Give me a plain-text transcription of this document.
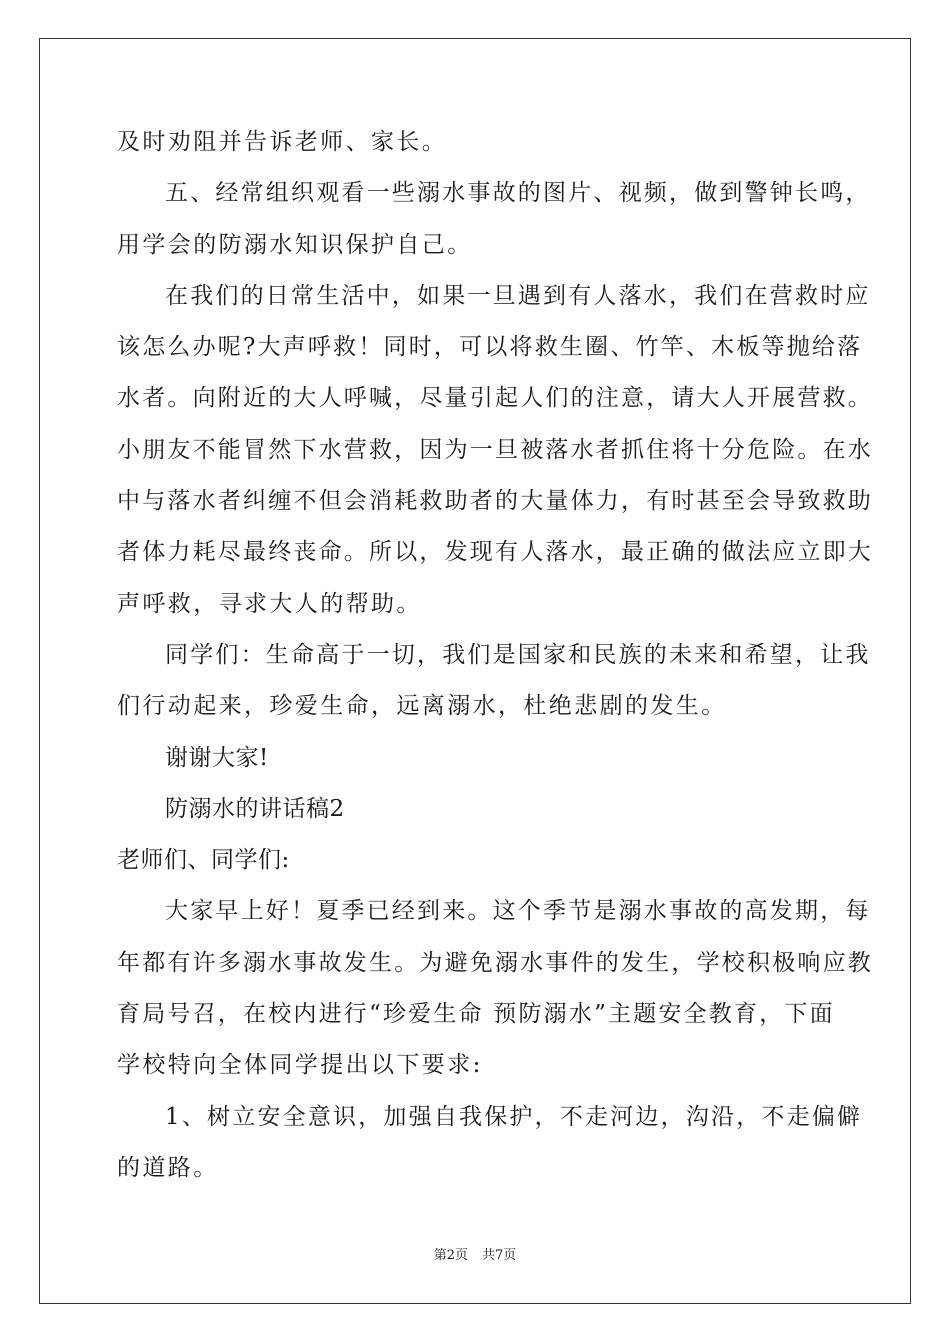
及时劝阻并告诉老师、家长。
五、经常组织观看一些溺水事故的图片、视频，做到警钟长鸣，
用学会的防溺水知识保护自己。
在我们的日常生活中，如果一旦遇到有人落水，我们在营救时应
该怎么办呢?大声呼救！同时，可以将救生圈、竹竿、木板等抛给落
水者。向附近的大人呼喊，尽量引起人们的注意，请大人开展营救。
小朋友不能冒然下水营救，因为一旦被落水者抓住将十分危险。在水
中与落水者纠缠不但会消耗救助者的大量体力，有时甚至会导致救助
者体力耗尽最终丧命。所以，发现有人落水，最正确的做法应立即大
声呼救，寻求大人的帮助。
同学们：生命高于一切，我们是国家和民族的未来和希望，让我
们行动起来，珍爱生命，远离溺水，杜绝悲剧的发生。
谢谢大家!
防溺水的讲话稿2
老师们、同学们:
大家早上好！夏季已经到来。这个季节是溺水事故的高发期，每
年都有许多溺水事故发生。为避免溺水事件的发生，学校积极响应教
育局号召，在校内进行“珍爱生命 预防溺水”主题安全教育，下面
学校特向全体同学提出以下要求:
1、树立安全意识，加强自我保护，不走河边，沟沿，不走偏僻
的道路。
第2页 共7页
